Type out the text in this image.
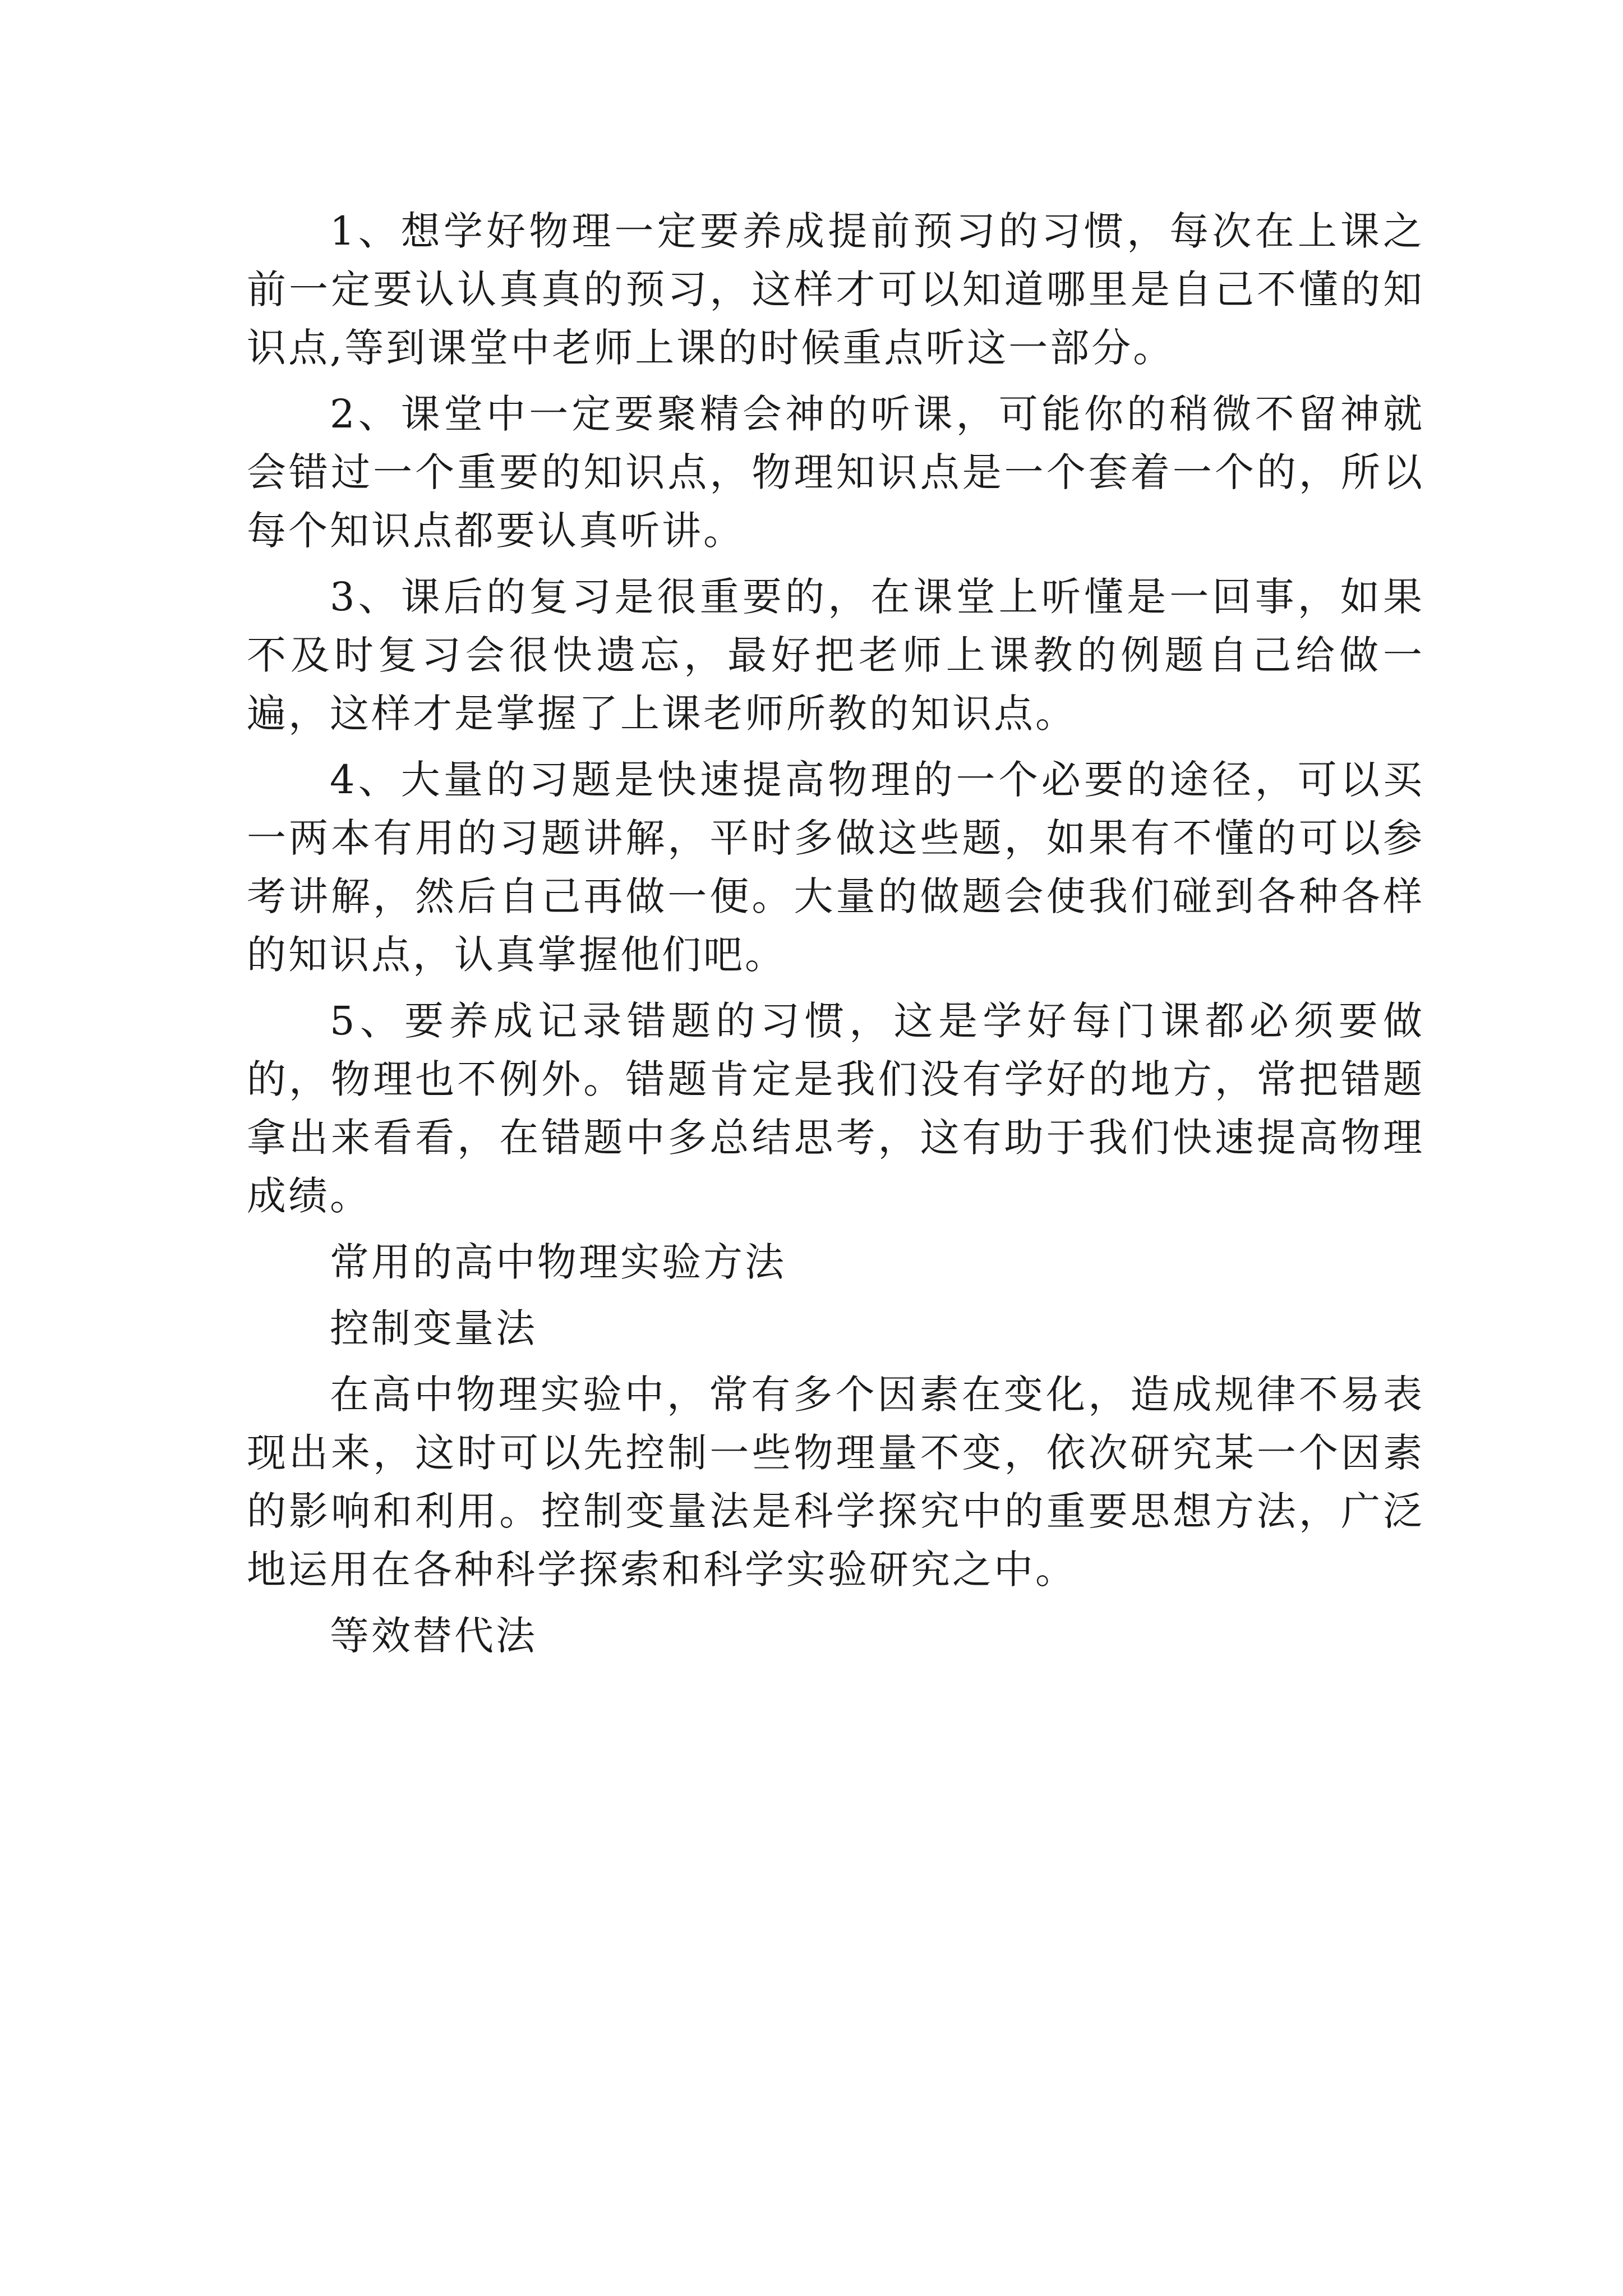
1、想学好物理一定要养成提前预习的习惯，每次在上课之前一定要认认真真的预习，这样才可以知道哪里是自己不懂的知识点,等到课堂中老师上课的时候重点听这一部分。

2、课堂中一定要聚精会神的听课，可能你的稍微不留神就会错过一个重要的知识点，物理知识点是一个套着一个的，所以每个知识点都要认真听讲。

3、课后的复习是很重要的，在课堂上听懂是一回事，如果不及时复习会很快遗忘，最好把老师上课教的例题自己给做一遍，这样才是掌握了上课老师所教的知识点。

4、大量的习题是快速提高物理的一个必要的途径，可以买一两本有用的习题讲解，平时多做这些题，如果有不懂的可以参考讲解，然后自己再做一便。大量的做题会使我们碰到各种各样的知识点，认真掌握他们吧。

5、要养成记录错题的习惯，这是学好每门课都必须要做的，物理也不例外。错题肯定是我们没有学好的地方，常把错题拿出来看看，在错题中多总结思考，这有助于我们快速提高物理成绩。

常用的高中物理实验方法

控制变量法

在高中物理实验中，常有多个因素在变化，造成规律不易表现出来，这时可以先控制一些物理量不变，依次研究某一个因素的影响和利用。控制变量法是科学探究中的重要思想方法，广泛地运用在各种科学探索和科学实验研究之中。

等效替代法
